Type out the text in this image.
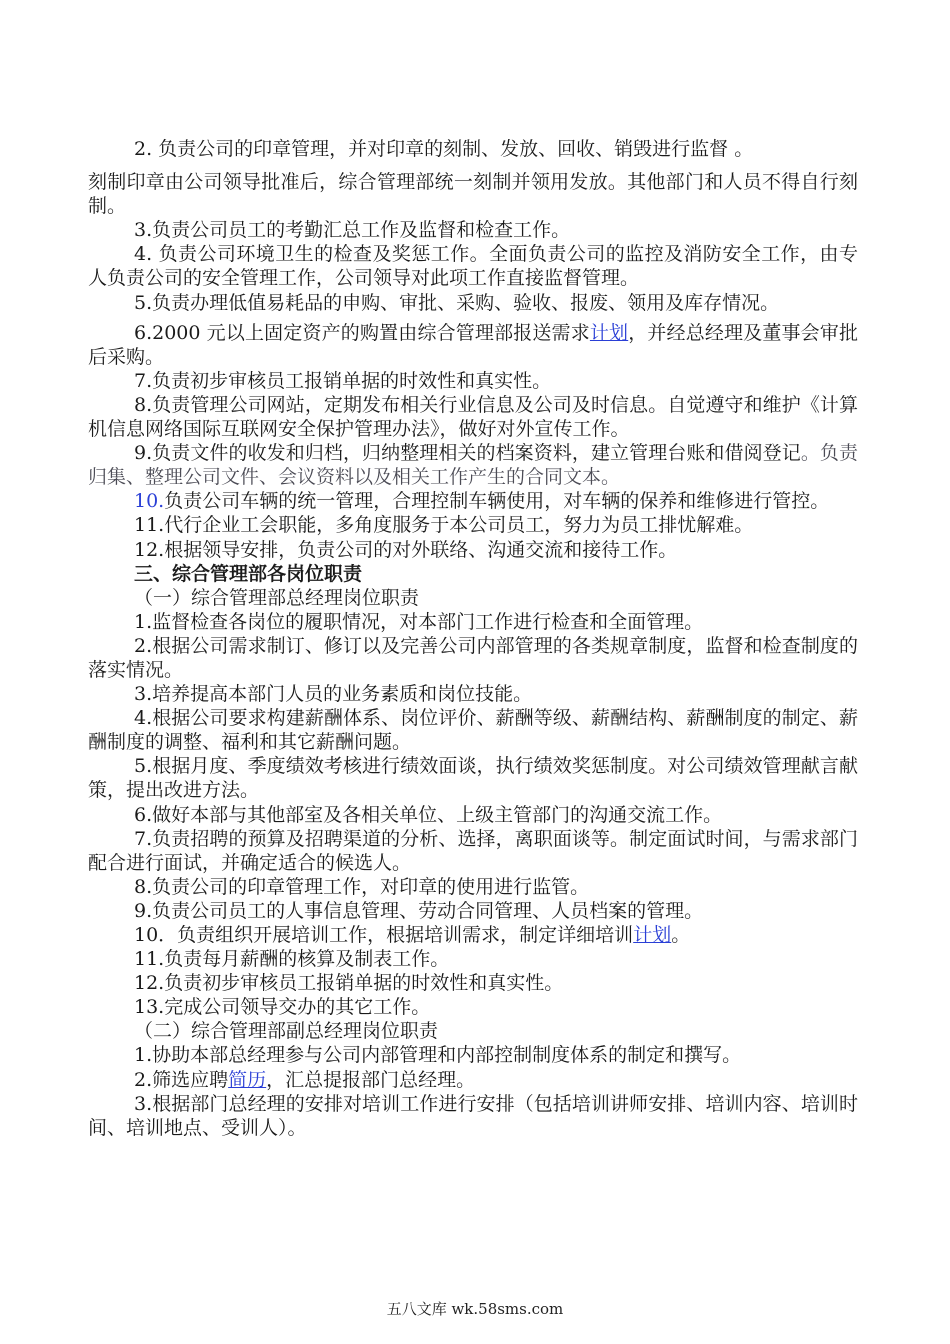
2. 负责公司的印章管理，并对印章的刻制、发放、回收、销毁进行监督 。
刻制印章由公司领导批准后，综合管理部统一刻制并领用发放。其他部门和人员不得自行刻制。
3.负责公司员工的考勤汇总工作及监督和检查工作。
4. 负责公司环境卫生的检查及奖惩工作。全面负责公司的监控及消防安全工作，由专人负责公司的安全管理工作，公司领导对此项工作直接监督管理。
5.负责办理低值易耗品的申购、审批、采购、验收、报废、领用及库存情况。
6.2000 元以上固定资产的购置由综合管理部报送需求计划，并经总经理及董事会审批后采购。
7.负责初步审核员工报销单据的时效性和真实性。
8.负责管理公司网站，定期发布相关行业信息及公司及时信息。自觉遵守和维护《计算机信息网络国际互联网安全保护管理办法》，做好对外宣传工作。
9.负责文件的收发和归档，归纳整理相关的档案资料，建立管理台账和借阅登记。负责归集、整理公司文件、会议资料以及相关工作产生的合同文本。
10.负责公司车辆的统一管理，合理控制车辆使用，对车辆的保养和维修进行管控。
11.代行企业工会职能，多角度服务于本公司员工，努力为员工排忧解难。
12.根据领导安排，负责公司的对外联络、沟通交流和接待工作。
三、综合管理部各岗位职责
（一）综合管理部总经理岗位职责
1.监督检查各岗位的履职情况，对本部门工作进行检查和全面管理。
2.根据公司需求制订、修订以及完善公司内部管理的各类规章制度，监督和检查制度的落实情况。
3.培养提高本部门人员的业务素质和岗位技能。
4.根据公司要求构建薪酬体系、岗位评价、薪酬等级、薪酬结构、薪酬制度的制定、薪酬制度的调整、福利和其它薪酬问题。
5.根据月度、季度绩效考核进行绩效面谈，执行绩效奖惩制度。对公司绩效管理献言献策，提出改进方法。
6.做好本部与其他部室及各相关单位、上级主管部门的沟通交流工作。
7.负责招聘的预算及招聘渠道的分析、选择，离职面谈等。制定面试时间，与需求部门配合进行面试，并确定适合的候选人。
8.负责公司的印章管理工作，对印章的使用进行监管。
9.负责公司员工的人事信息管理、劳动合同管理、人员档案的管理。
10．负责组织开展培训工作，根据培训需求，制定详细培训计划。
11.负责每月薪酬的核算及制表工作。
12.负责初步审核员工报销单据的时效性和真实性。
13.完成公司领导交办的其它工作。
（二）综合管理部副总经理岗位职责
1.协助本部总经理参与公司内部管理和内部控制制度体系的制定和撰写。
2.筛选应聘简历，汇总提报部门总经理。
3.根据部门总经理的安排对培训工作进行安排（包括培训讲师安排、培训内容、培训时间、培训地点、受训人）。
五八文库 wk.58sms.com
